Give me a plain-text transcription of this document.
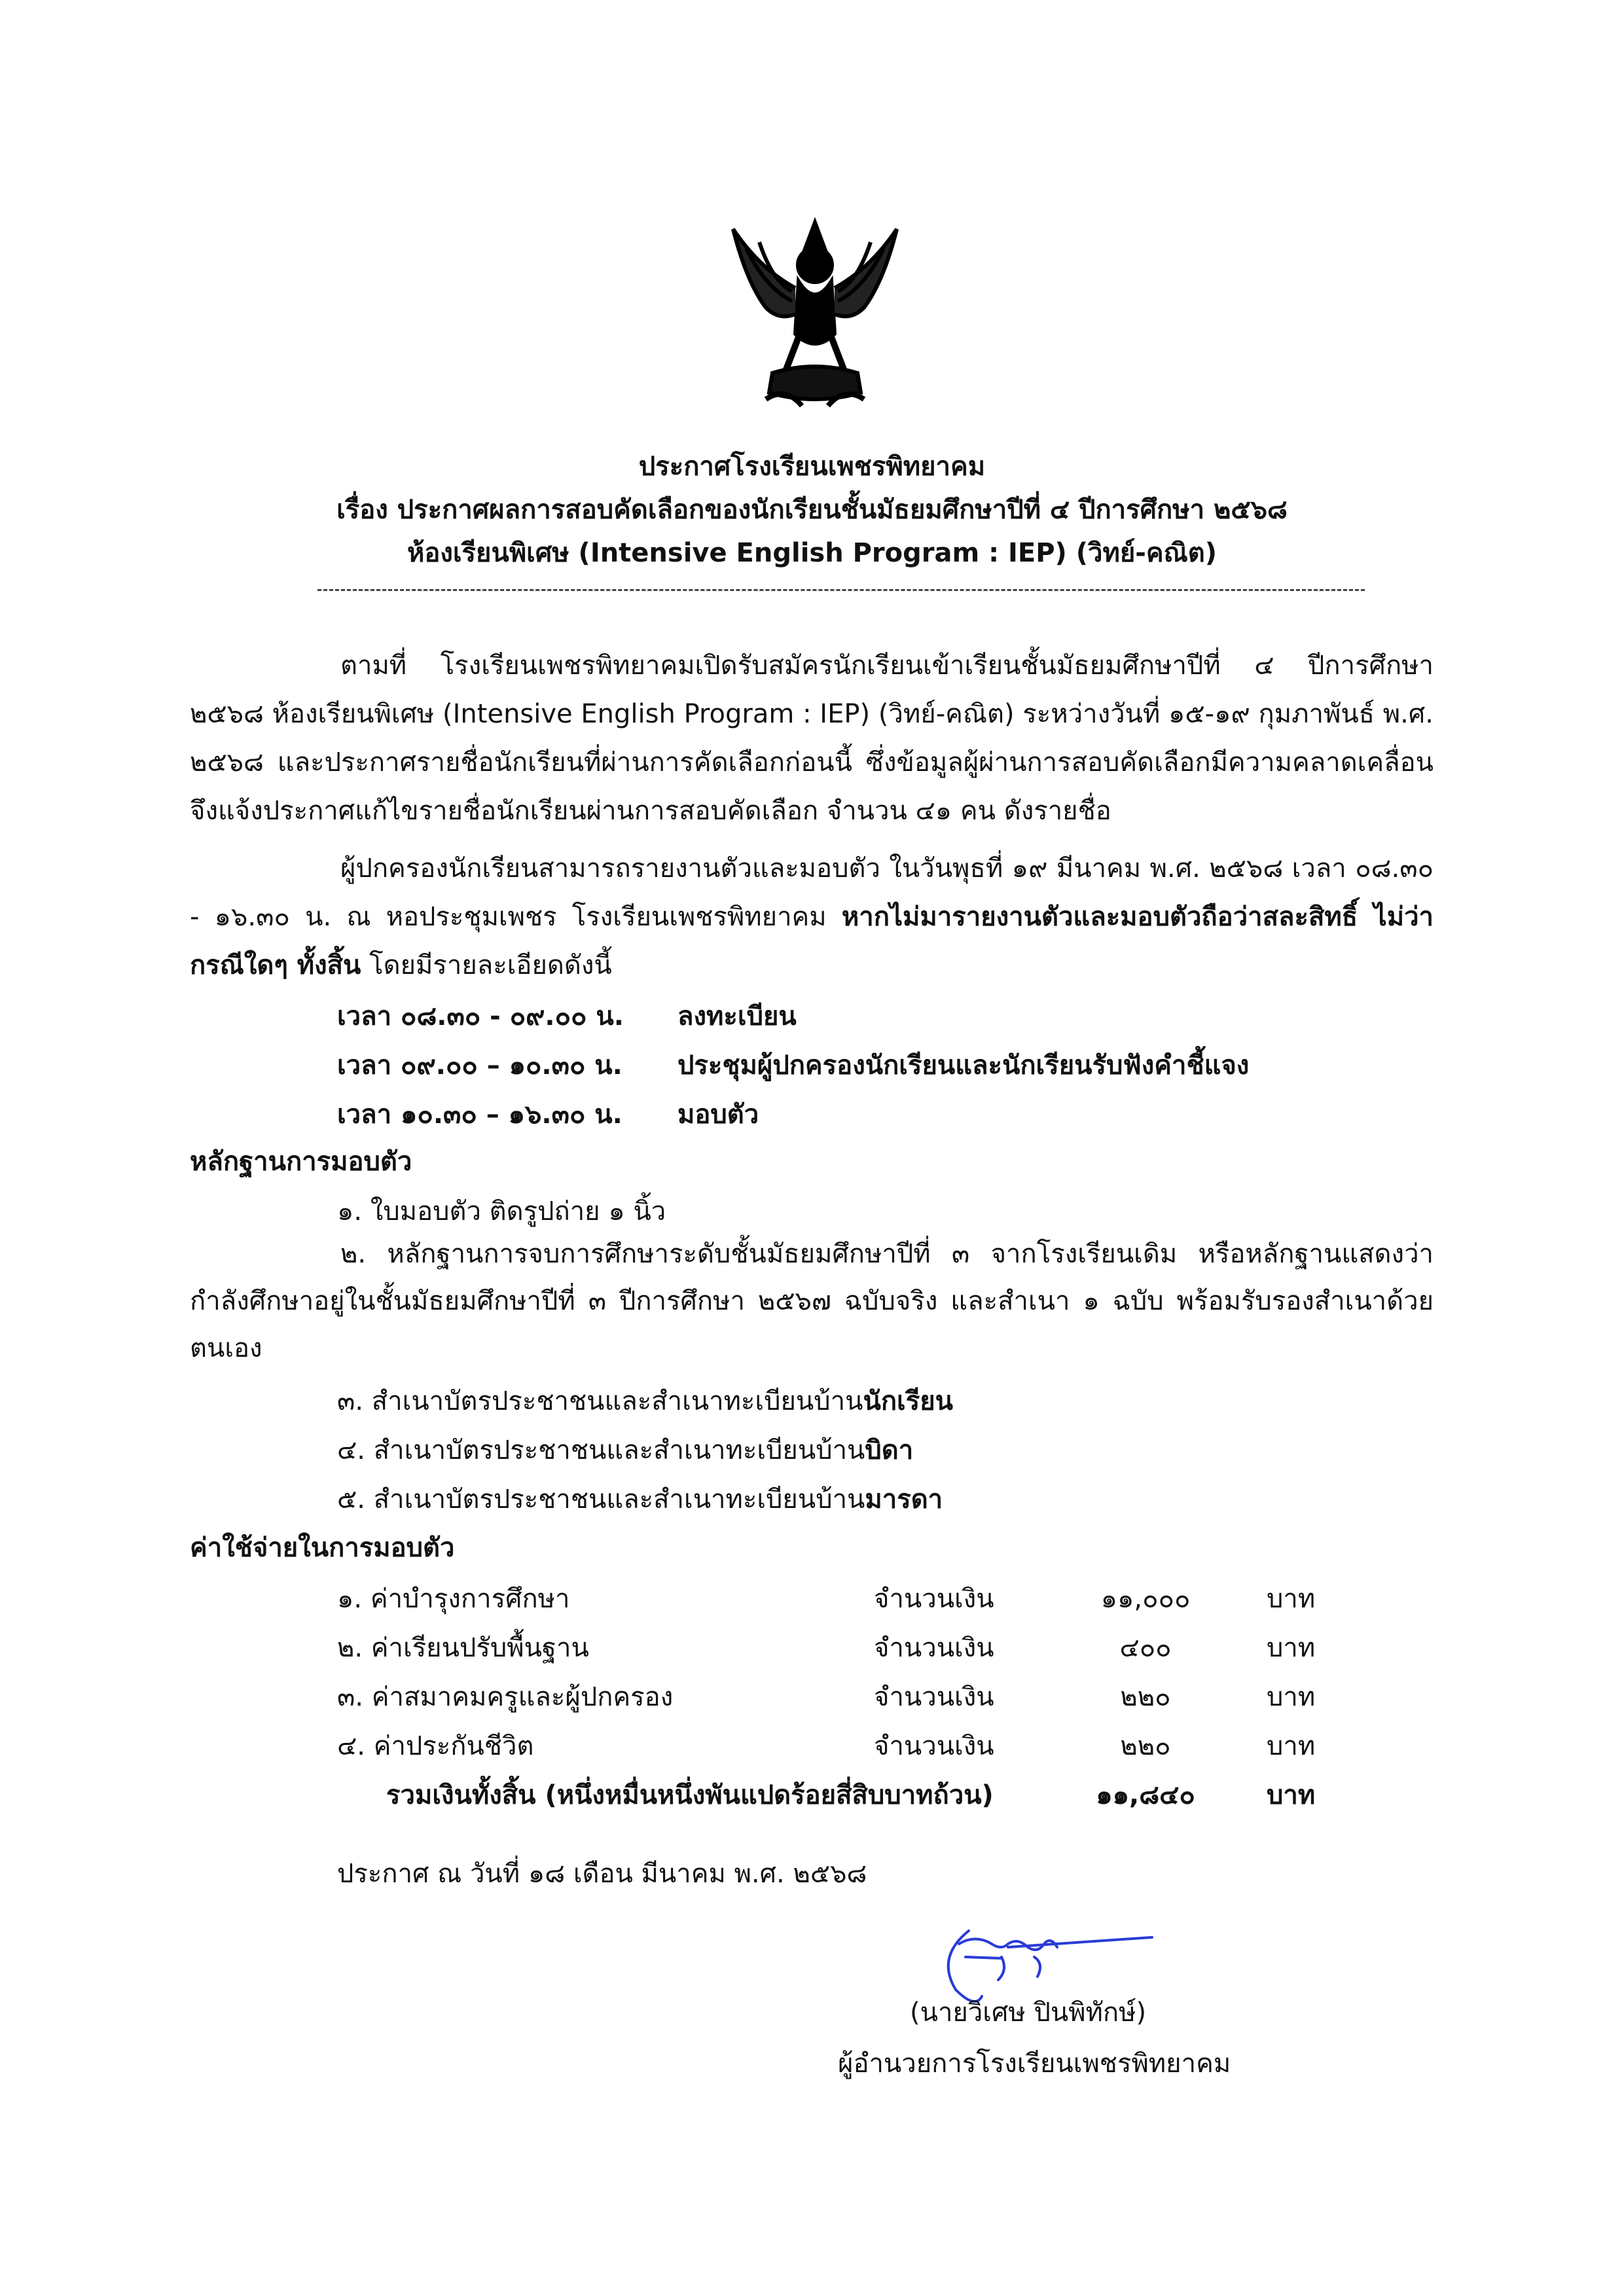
ประกาศโรงเรียนเพชรพิทยาคม
เรื่อง ประกาศผลการสอบคัดเลือกของนักเรียนชั้นมัธยมศึกษาปีที่ ๔ ปีการศึกษา ๒๕๖๘
ห้องเรียนพิเศษ (Intensive English Program : IEP) (วิทย์-คณิต)
ตามที่ โรงเรียนเพชรพิทยาคมเปิดรับสมัครนักเรียนเข้าเรียนชั้นมัธยมศึกษาปีที่ ๔ ปีการศึกษา ๒๕๖๘ ห้องเรียนพิเศษ (Intensive English Program : IEP) (วิทย์-คณิต) ระหว่างวันที่ ๑๕-๑๙ กุมภาพันธ์ พ.ศ. ๒๕๖๘ และประกาศรายชื่อนักเรียนที่ผ่านการคัดเลือกก่อนนี้ ซึ่งข้อมูลผู้ผ่านการสอบคัดเลือกมีความคลาดเคลื่อน จึงแจ้งประกาศแก้ไขรายชื่อนักเรียนผ่านการสอบคัดเลือก จำนวน ๔๑ คน ดังรายชื่อ
ผู้ปกครองนักเรียนสามารถรายงานตัวและมอบตัว ในวันพุธที่ ๑๙ มีนาคม พ.ศ. ๒๕๖๘ เวลา ๐๘.๓๐ - ๑๖.๓๐ น. ณ หอประชุมเพชร โรงเรียนเพชรพิทยาคม หากไม่มารายงานตัวและมอบตัวถือว่าสละสิทธิ์ ไม่ว่ากรณีใดๆ ทั้งสิ้น โดยมีรายละเอียดดังนี้
เวลา ๐๘.๓๐ - ๐๙.๐๐ น. ลงทะเบียน
เวลา ๐๙.๐๐ – ๑๐.๓๐ น. ประชุมผู้ปกครองนักเรียนและนักเรียนรับฟังคำชี้แจง
เวลา ๑๐.๓๐ – ๑๖.๓๐ น. มอบตัว
หลักฐานการมอบตัว
๑. ใบมอบตัว ติดรูปถ่าย ๑ นิ้ว
๒. หลักฐานการจบการศึกษาระดับชั้นมัธยมศึกษาปีที่ ๓ จากโรงเรียนเดิม หรือหลักฐานแสดงว่ากำลังศึกษาอยู่ในชั้นมัธยมศึกษาปีที่ ๓ ปีการศึกษา ๒๕๖๗ ฉบับจริง และสำเนา ๑ ฉบับ พร้อมรับรองสำเนาด้วยตนเอง
๓. สำเนาบัตรประชาชนและสำเนาทะเบียนบ้านนักเรียน
๔. สำเนาบัตรประชาชนและสำเนาทะเบียนบ้านบิดา
๕. สำเนาบัตรประชาชนและสำเนาทะเบียนบ้านมารดา
ค่าใช้จ่ายในการมอบตัว
๑. ค่าบำรุงการศึกษา	จำนวนเงิน	๑๑,๐๐๐	บาท
๒. ค่าเรียนปรับพื้นฐาน	จำนวนเงิน	๔๐๐	บาท
๓. ค่าสมาคมครูและผู้ปกครอง	จำนวนเงิน	๒๒๐	บาท
๔. ค่าประกันชีวิต	จำนวนเงิน	๒๒๐	บาท
รวมเงินทั้งสิ้น (หนึ่งหมื่นหนึ่งพันแปดร้อยสี่สิบบาทถ้วน)	๑๑,๘๔๐	บาท
ประกาศ ณ วันที่ ๑๘ เดือน มีนาคม พ.ศ. ๒๕๖๘
(นายวิเศษ ปินพิทักษ์)
ผู้อำนวยการโรงเรียนเพชรพิทยาคม
